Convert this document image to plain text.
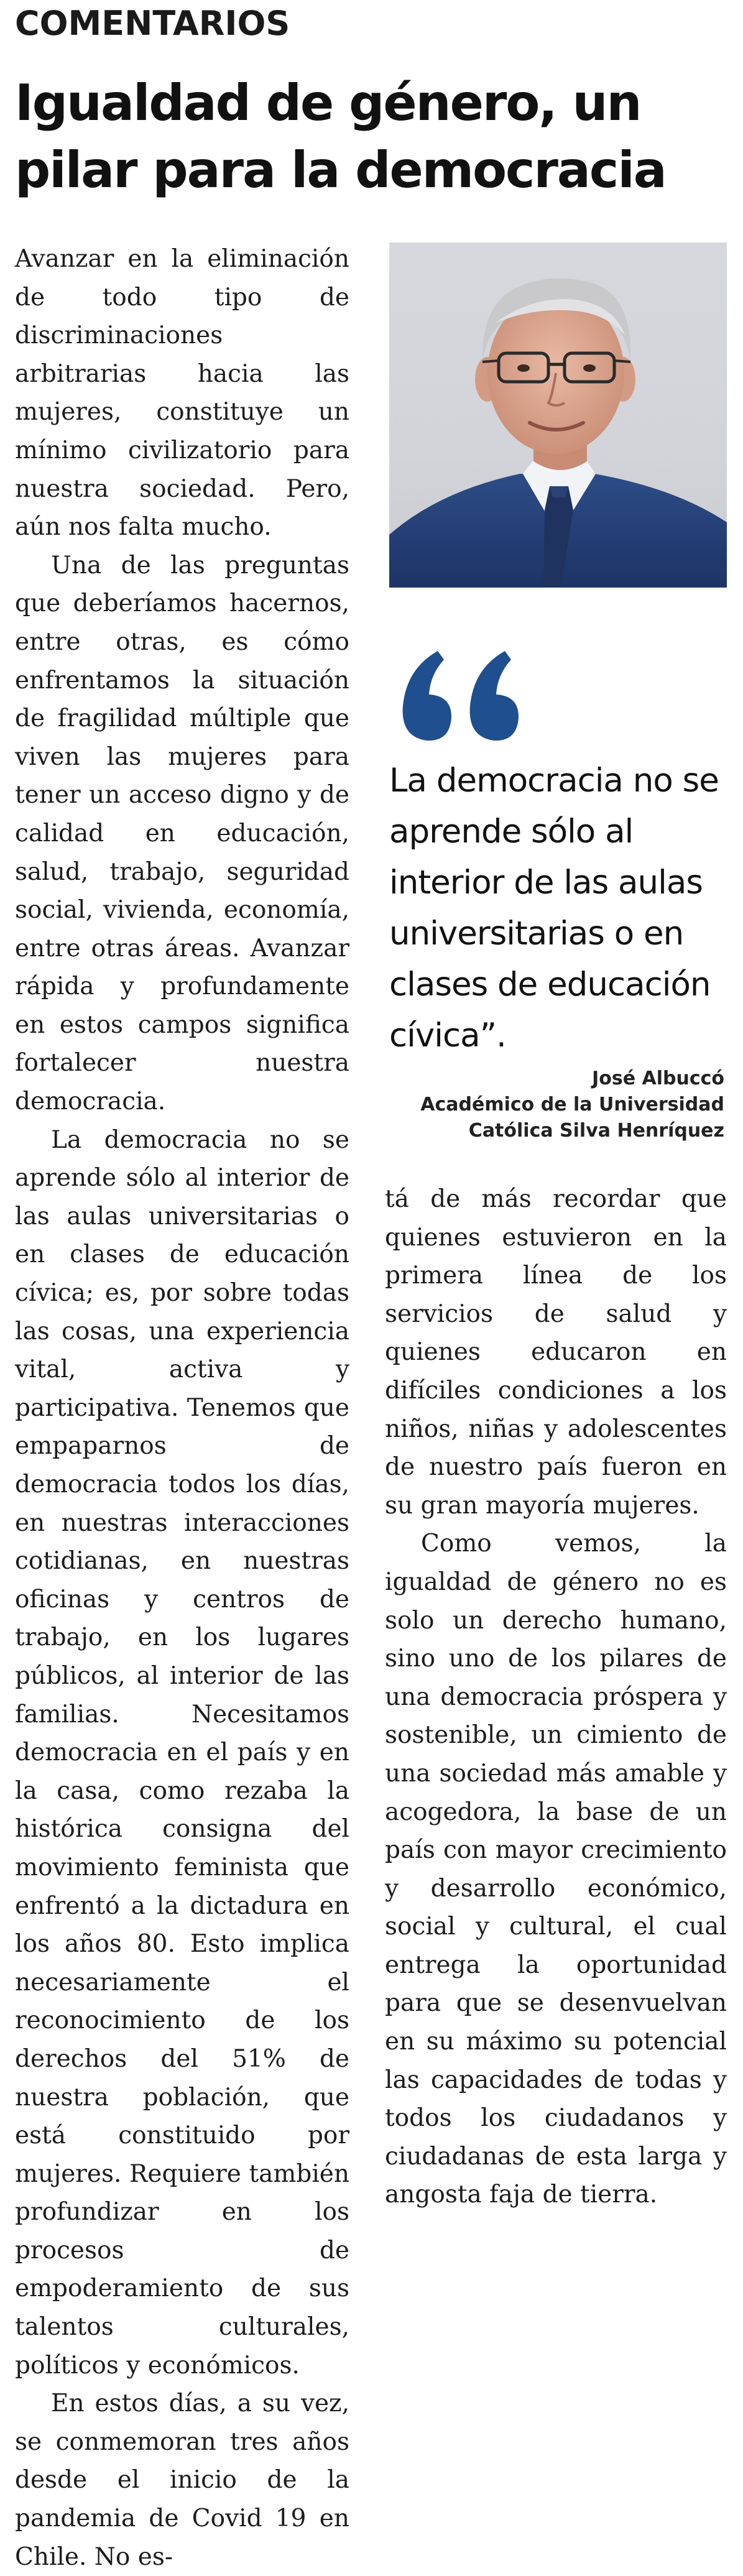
COMENTARIOS
Igualdad de género, un
pilar para la democracia

Avanzar en la eliminación de todo tipo de discriminaciones arbitrarias hacia las mujeres, constituye un mínimo civilizatorio para nuestra sociedad. Pero, aún nos falta mucho.

Una de las preguntas que deberíamos hacernos, entre otras, es cómo enfrentamos la situación de fragilidad múltiple que viven las mujeres para tener un acceso digno y de calidad en educación, salud, trabajo, seguridad social, vivienda, economía, entre otras áreas. Avanzar rápida y profundamente en estos campos significa fortalecer nuestra democracia.

La democracia no se aprende sólo al interior de las aulas universitarias o en clases de educación cívica; es, por sobre todas las cosas, una experiencia vital, activa y participativa. Tenemos que empaparnos de democracia todos los días, en nuestras interacciones cotidianas, en nuestras oficinas y centros de trabajo, en los lugares públicos, al interior de las familias. Necesitamos democracia en el país y en la casa, como rezaba la histórica consigna del movimiento feminista que enfrentó a la dictadura en los años 80. Esto implica necesariamente el reconocimiento de los derechos del 51% de nuestra población, que está constituido por mujeres. Requiere también profundizar en los procesos de empoderamiento de sus talentos culturales, políticos y económicos.

En estos días, a su vez, se conmemoran tres años desde el inicio de la pandemia de Covid 19 en Chile. No es-

La democracia no se aprende sólo al interior de las aulas universitarias o en clases de educación cívica”.

José Albuccó
Académico de la Universidad
Católica Silva Henríquez

tá de más recordar que quienes estuvieron en la primera línea de los servicios de salud y quienes educaron en difíciles condiciones a los niños, niñas y adolescentes de nuestro país fueron en su gran mayoría mujeres.

Como vemos, la igualdad de género no es solo un derecho humano, sino uno de los pilares de una democracia próspera y sostenible, un cimiento de una sociedad más amable y acogedora, la base de un país con mayor crecimiento y desarrollo económico, social y cultural, el cual entrega la oportunidad para que se desenvuelvan en su máximo su potencial las capacidades de todas y todos los ciudadanos y ciudadanas de esta larga y angosta faja de tierra.
